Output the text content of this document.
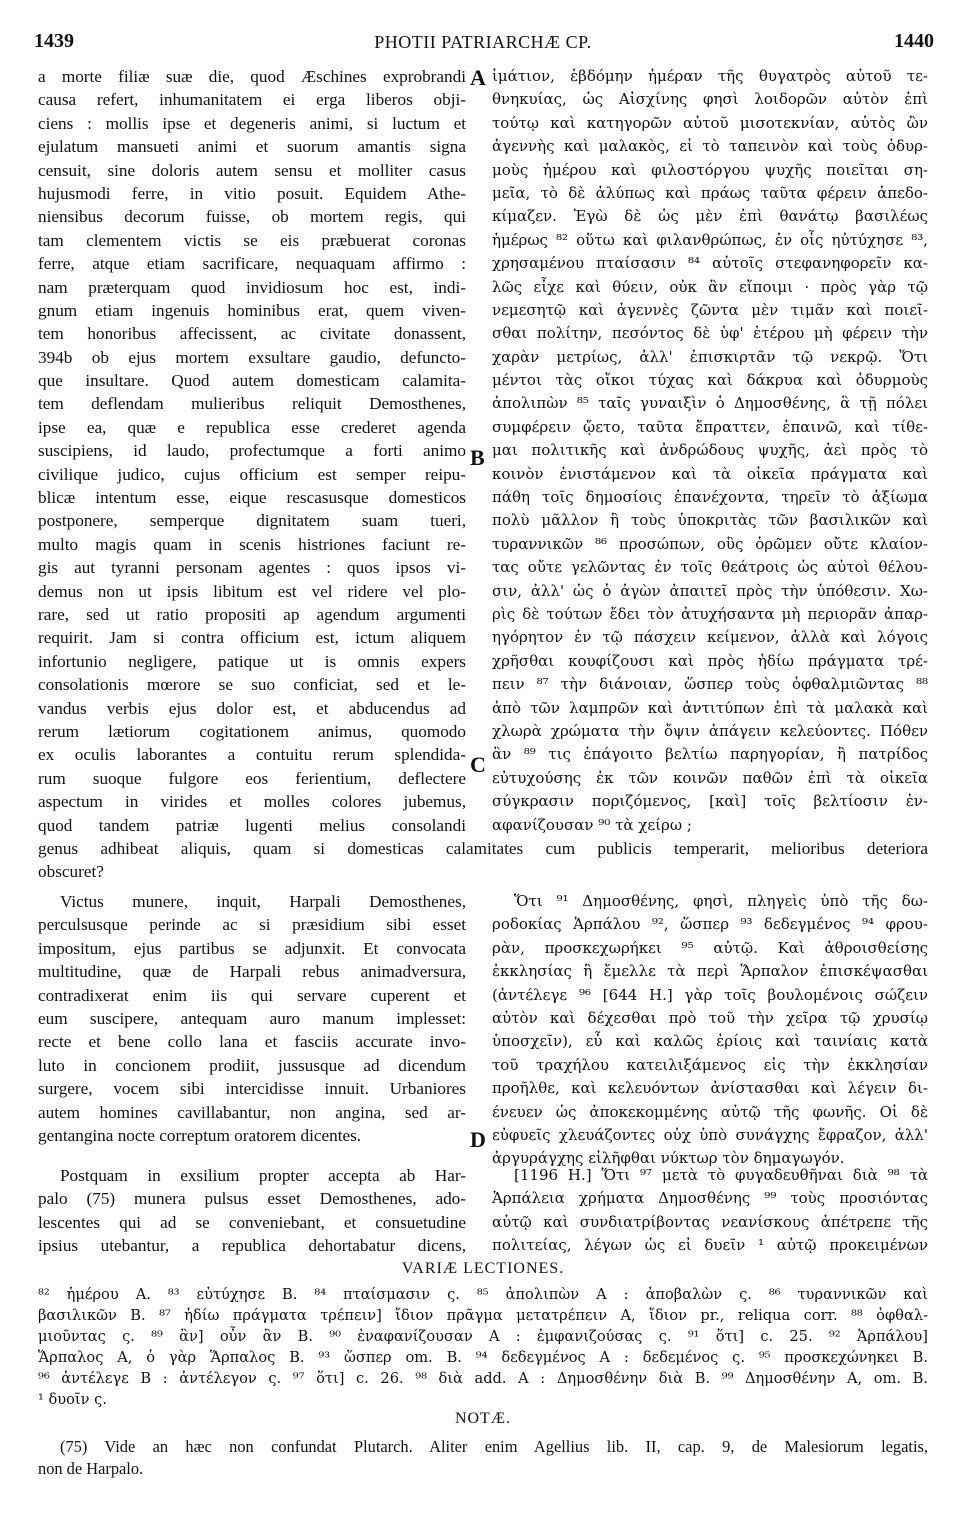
1439	PHOTII PATRIARCHÆ CP.	1440
A
B
C
D
a morte filiæ suæ die, quod Æschines exprobrandi
causa refert, inhumanitatem ei erga liberos obji-
ciens : mollis ipse et degeneris animi, si luctum et
ejulatum mansueti animi et suorum amantis signa
censuit, sine doloris autem sensu et molliter casus
hujusmodi ferre, in vitio posuit. Equidem Athe-
niensibus decorum fuisse, ob mortem regis, qui
tam clementem victis se eis præbuerat coronas
ferre, atque etiam sacrificare, nequaquam affirmo :
nam præterquam quod invidiosum hoc est, indi-
gnum etiam ingenuis hominibus erat, quem viven-
tem honoribus affecissent, ac civitate donassent,
394b ob ejus mortem exsultare gaudio, defuncto-
que insultare. Quod autem domesticam calamita-
tem deflendam mulieribus reliquit Demosthenes,
ipse ea, quæ e republica esse crederet agenda
suscipiens, id laudo, profectumque a forti animo
civilique judico, cujus officium est semper reipu-
blicæ intentum esse, eique rescasusque domesticos
postponere, semperque dignitatem suam tueri,
multo magis quam in scenis histriones faciunt re-
gis aut tyranni personam agentes : quos ipsos vi-
demus non ut ipsis libitum est vel ridere vel plo-
rare, sed ut ratio propositi ap agendum argumenti
requirit. Jam si contra officium est, ictum aliquem
infortunio negligere, patique ut is omnis expers
consolationis mœrore se suo conficiat, sed et le-
vandus verbis ejus dolor est, et abducendus ad
rerum lætiorum cogitationem animus, quomodo
ex oculis laborantes a contuitu rerum splendida-
rum suoque fulgore eos ferientium, deflectere
aspectum in virides et molles colores jubemus,
quod tandem patriæ lugenti melius consolandi
ἱμάτιον, ἑβδόμην ἡμέραν τῆς θυγατρὸς αὐτοῦ τε-
θνηκυίας, ὡς Αἰσχίνης φησὶ λοιδορῶν αὐτὸν ἐπὶ
τούτῳ καὶ κατηγορῶν αὐτοῦ μισοτεκνίαν, αὐτὸς ὢν
ἀγεννὴς καὶ μαλακὸς, εἰ τὸ ταπεινὸν καὶ τοὺς ὀδυρ-
μοὺς ἡμέρου καὶ φιλοστόργου ψυχῆς ποιεῖται ση-
μεῖα, τὸ δὲ ἀλύπως καὶ πράως ταῦτα φέρειν ἀπεδο-
κίμαζεν. Ἐγὼ δὲ ὡς μὲν ἐπὶ θανάτῳ βασιλέως
ἡμέρως ⁸² οὕτω καὶ φιλανθρώπως, ἐν οἷς ηὐτύχησε ⁸³,
χρησαμένου πταίσασιν ⁸⁴ αὐτοῖς στεφανηφορεῖν κα-
λῶς εἶχε καὶ θύειν, οὐκ ἂν εἴποιμι · πρὸς γὰρ τῷ
νεμεσητῷ καὶ ἀγεννὲς ζῶντα μὲν τιμᾶν καὶ ποιεῖ-
σθαι πολίτην, πεσόντος δὲ ὑφ' ἑτέρου μὴ φέρειν τὴν
χαρὰν μετρίως, ἀλλ' ἐπισκιρτᾶν τῷ νεκρῷ. Ὅτι
μέντοι τὰς οἴκοι τύχας καὶ δάκρυα καὶ ὀδυρμοὺς
ἀπολιπὼν ⁸⁵ ταῖς γυναιξὶν ὁ Δημοσθένης, ἃ τῇ πόλει
συμφέρειν ᾤετο, ταῦτα ἔπραττεν, ἐπαινῶ, καὶ τίθε-
μαι πολιτικῆς καὶ ἀνδρώδους ψυχῆς, ἀεὶ πρὸς τὸ
κοινὸν ἐνιστάμενον καὶ τὰ οἰκεῖα πράγματα καὶ
πάθη τοῖς δημοσίοις ἐπανέχοντα, τηρεῖν τὸ ἀξίωμα
πολὺ μᾶλλον ἢ τοὺς ὑποκριτὰς τῶν βασιλικῶν καὶ
τυραννικῶν ⁸⁶ προσώπων, οὓς ὁρῶμεν οὔτε κλαίον-
τας οὔτε γελῶντας ἐν τοῖς θεάτροις ὡς αὐτοὶ θέλου-
σιν, ἀλλ' ὡς ὁ ἀγὼν ἀπαιτεῖ πρὸς τὴν ὑπόθεσιν. Χω-
ρὶς δὲ τούτων ἔδει τὸν ἀτυχήσαντα μὴ περιορᾶν ἀπαρ-
ηγόρητον ἐν τῷ πάσχειν κείμενον, ἀλλὰ καὶ λόγοις
χρῆσθαι κουφίζουσι καὶ πρὸς ἡδίω πράγματα τρέ-
πειν ⁸⁷ τὴν διάνοιαν, ὥσπερ τοὺς ὀφθαλμιῶντας ⁸⁸
ἀπὸ τῶν λαμπρῶν καὶ ἀντιτύπων ἐπὶ τὰ μαλακὰ καὶ
χλωρὰ χρώματα τὴν ὄψιν ἀπάγειν κελεύοντες. Πόθεν
ἂν ⁸⁹ τις ἐπάγοιτο βελτίω παρηγορίαν, ἢ πατρίδος
εὐτυχούσης ἐκ τῶν κοινῶν παθῶν ἐπὶ τὰ οἰκεῖα
σύγκρασιν ποριζόμενος, [καὶ] τοῖς βελτίοσιν ἐν-
αφανίζουσαν ⁹⁰ τὰ χείρω ;
genus adhibeat aliquis, quam si domesticas calamitates cum publicis temperarit, melioribus deteriora
obscuret?
Victus munere, inquit, Harpali Demosthenes,
perculsusque perinde ac si præsidium sibi esset
impositum, ejus partibus se adjunxit. Et convocata
multitudine, quæ de Harpali rebus animadversura,
contradixerat enim iis qui servare cuperent et
eum suscipere, antequam auro manum implesset:
recte et bene collo lana et fasciis accurate invo-
luto in concionem prodiit, jussusque ad dicendum
surgere, vocem sibi intercidisse innuit. Urbaniores
autem homines cavillabantur, non angina, sed ar-
gentangina nocte correptum oratorem dicentes.
Ὅτι ⁹¹ Δημοσθένης, φησὶ, πληγεὶς ὑπὸ τῆς δω-
ροδοκίας Ἁρπάλου ⁹², ὥσπερ ⁹³ δεδεγμένος ⁹⁴ φρου-
ρὰν, προσκεχωρήκει ⁹⁵ αὐτῷ. Καὶ ἀθροισθείσης
ἐκκλησίας ἢ ἔμελλε τὰ περὶ Ἅρπαλον ἐπισκέψασθαι
(ἀντέλεγε ⁹⁶ [644 H.] γὰρ τοῖς βουλομένοις σώζειν
αὐτὸν καὶ δέχεσθαι πρὸ τοῦ τὴν χεῖρα τῷ χρυσίῳ
ὑποσχεῖν), εὖ καὶ καλῶς ἐρίοις καὶ ταινίαις κατὰ
τοῦ τραχήλου κατειλιξάμενος εἰς τὴν ἐκκλησίαν
προῆλθε, καὶ κελευόντων ἀνίστασθαι καὶ λέγειν δι-
ένευεν ὡς ἀποκεκομμένης αὐτῷ τῆς φωνῆς. Οἱ δὲ
εὐφυεῖς χλευάζοντες οὐχ ὑπὸ συνάγχης ἔφραζον, ἀλλ'
ἀργυράγχης εἰλῆφθαι νύκτωρ τὸν δημαγωγόν.
Postquam in exsilium propter accepta ab Har-
palo (75) munera pulsus esset Demosthenes, ado-
lescentes qui ad se conveniebant, et consuetudine
ipsius utebantur, a republica dehortabatur dicens,
[1196 H.] Ὅτι ⁹⁷ μετὰ τὸ φυγαδευθῆναι διὰ ⁹⁸ τὰ
Ἁρπάλεια χρήματα Δημοσθένης ⁹⁹ τοὺς προσιόντας
αὐτῷ καὶ συνδιατρίβοντας νεανίσκους ἀπέτρεπε τῆς
πολιτείας, λέγων ὡς εἰ δυεῖν ¹ αὐτῷ προκειμένων
VARIÆ LECTIONES.
⁸² ἡμέρου A. ⁸³ εὐτύχησε B. ⁸⁴ πταίσμασιν ς. ⁸⁵ ἀπολιπὼν A : ἀποβαλὼν ς. ⁸⁶ τυραννικῶν καὶ
βασιλικῶν B. ⁸⁷ ἡδίω πράγματα τρέπειν] ἴδιον πρᾶγμα μετατρέπειν A, ἴδιον pr., reliqua corr. ⁸⁸ ὀφθαλ-
μιοῦντας ς. ⁸⁹ ἂν] οὖν ἂν B. ⁹⁰ ἐναφανίζουσαν A : ἐμφανιζούσας ς. ⁹¹ ὅτι] c. 25. ⁹² Ἁρπάλου]
Ἅρπαλος A, ὁ γὰρ Ἅρπαλος B. ⁹³ ὥσπερ om. B. ⁹⁴ δεδεγμένος A : δεδεμένος ς. ⁹⁵ προσκεχώνηκει B.
⁹⁶ ἀντέλεγε B : ἀντέλεγον ς. ⁹⁷ ὅτι] c. 26. ⁹⁸ διὰ add. A : Δημοσθένην διὰ B. ⁹⁹ Δημοσθένην A, om. B.
¹ δυοῖν ς.
NOTÆ.
(75) Vide an hæc non confundat Plutarch. Aliter enim Agellius lib. II, cap. 9, de Malesiorum legatis,
non de Harpalo.
